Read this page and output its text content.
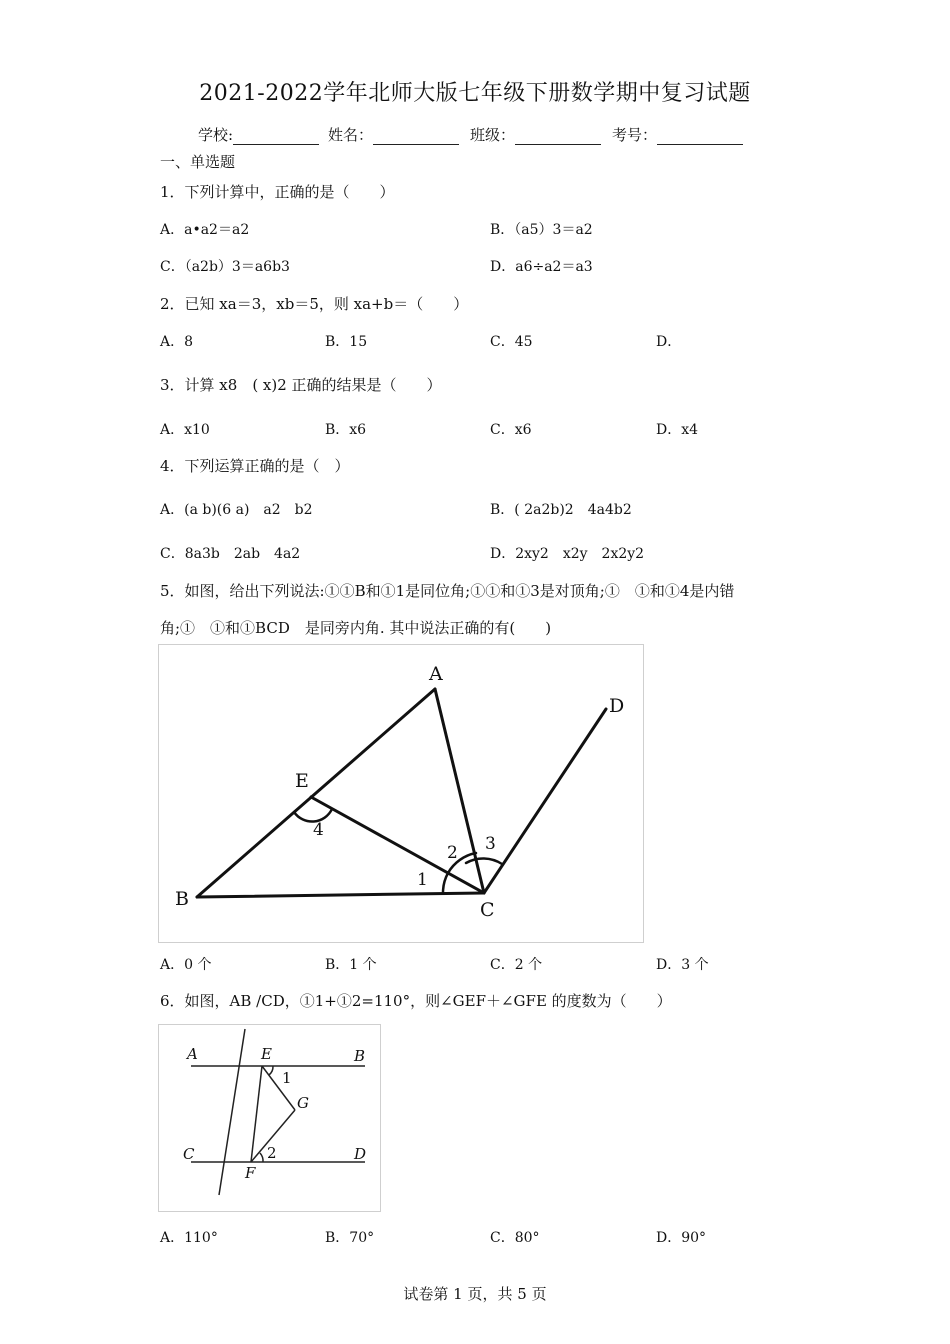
2021-2022学年北师大版七年级下册数学期中复习试题
学校:	姓名：	班级：	考号：
一、单选题
1．下列计算中，正确的是（　　）
A．a•a2＝a2	B．（a5）3＝a2
C．（a2b）3＝a6b3	D．a6÷a2＝a3
2．已知 xa＝3，xb＝5，则 xa+b＝（　　）
A．8	B．15	C．45	D．
3．计算 x8　( x)2 正确的结果是（　　）
A．x10	B．x6	C．x6	D．x4
4．下列运算正确的是（　）
A．(a b)(6 a)　a2　b2	B．( 2a2b)2　4a4b2
C．8a3b　2ab　4a2	D．2xy2　x2y　2x2y2
5．如图，给出下列说法:①①B和①1是同位角;①①和①3是对顶角;①　①和①4是内错
角;①　①和①BCD　是同旁内角. 其中说法正确的有(　　)
A
B	C
D
E
1
2 3
4
A．0 个	B．1 个	C．2 个	D．3 个
6．如图，AB /CD，①1+①2=110°，则∠GEF＋∠GFE 的度数为（　　）
A	B
C	D
E
F
G
1
2
A．110°	B．70°	C．80°	D．90°
试卷第 1 页，共 5 页
